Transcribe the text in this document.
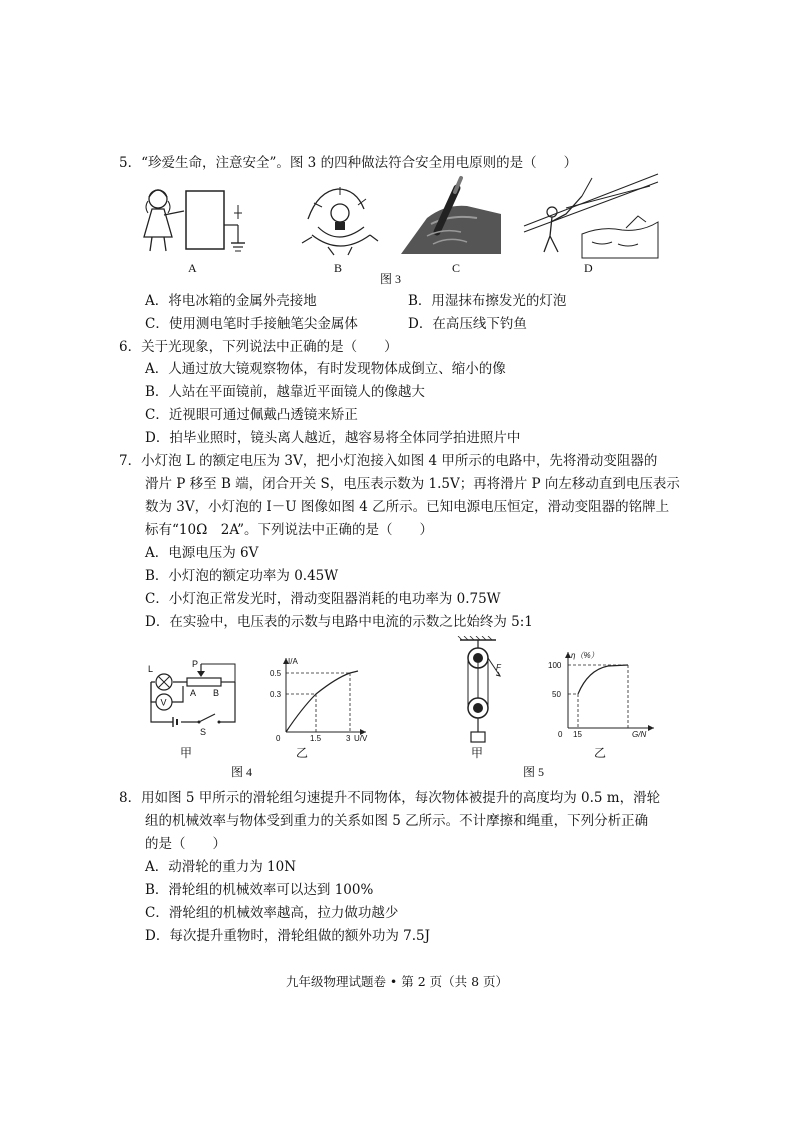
5．“珍爱生命，注意安全”。图 3 的四种做法符合安全用电原则的是（　　）
A	B	C	D
图 3
A．将电冰箱的金属外壳接地	B．用湿抹布擦发光的灯泡
C．使用测电笔时手接触笔尖金属体	D．在高压线下钓鱼
6．关于光现象，下列说法中正确的是（　　）
A．人通过放大镜观察物体，有时发现物体成倒立、缩小的像
B．人站在平面镜前，越靠近平面镜人的像越大
C．近视眼可通过佩戴凸透镜来矫正
D．拍毕业照时，镜头离人越近，越容易将全体同学拍进照片中
7．小灯泡 L 的额定电压为 3V，把小灯泡接入如图 4 甲所示的电路中，先将滑动变阻器的
滑片 P 移至 B 端，闭合开关 S，电压表示数为 1.5V；再将滑片 P 向左移动直到电压表示
数为 3V，小灯泡的 I－U 图像如图 4 乙所示。已知电源电压恒定，滑动变阻器的铭牌上
标有“10Ω　2A”。下列说法中正确的是（　　）
A．电源电压为 6V
B．小灯泡的额定功率为 0.45W
C．小灯泡正常发光时，滑动变阻器消耗的电功率为 0.75W
D．在实验中，电压表的示数与电路中电流的示数之比始终为 5:1
V
L	P
A B
S
I/A
U/V
0	1.5	3
0.3
0.5
甲	乙
图 4
F
η（%）
G/N
0 15
50
100
甲	乙
图 5
8．用如图 5 甲所示的滑轮组匀速提升不同物体，每次物体被提升的高度均为 0.5 m，滑轮
组的机械效率与物体受到重力的关系如图 5 乙所示。不计摩擦和绳重，下列分析正确
的是（　　）
A．动滑轮的重力为 10N
B．滑轮组的机械效率可以达到 100%
C．滑轮组的机械效率越高，拉力做功越少
D．每次提升重物时，滑轮组做的额外功为 7.5J
九年级物理试题卷 • 第 2 页（共 8 页）
